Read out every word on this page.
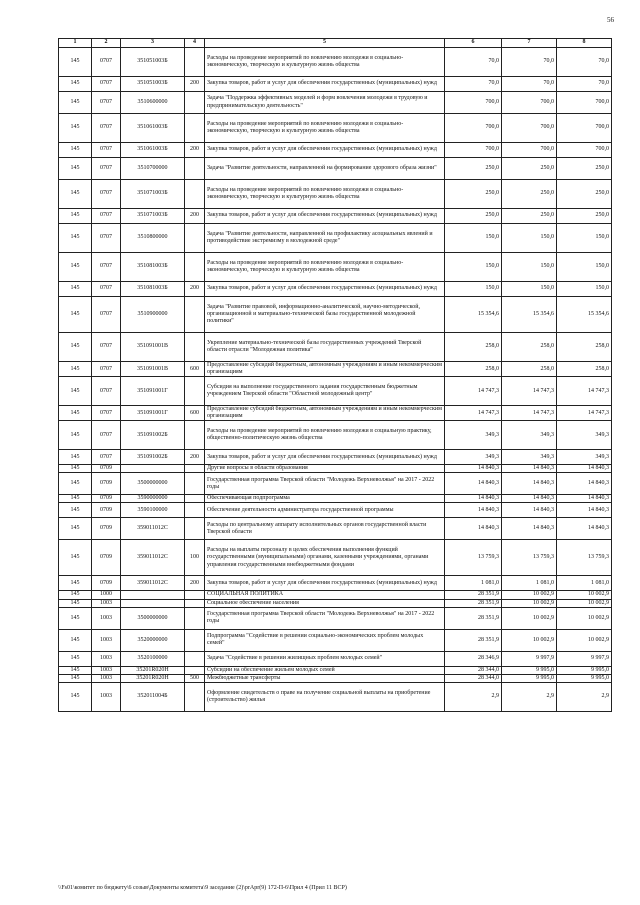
56
1	2	3	4	5	6	7	8
145	0707	351051003Б		Расходы на проведение мероприятий по вовлечению молодежи в социально-экономическую, творческую и культурную жизнь общества	70,0	70,0	70,0
145	0707	351051003Б	200	Закупка товаров, работ и услуг для обеспечения государственных (муниципальных) нужд	70,0	70,0	70,0
145	0707	3510600000		Задача "Поддержка эффективных моделей и форм вовлечения молодежи в трудовую и предпринимательскую деятельность"	700,0	700,0	700,0
145	0707	351061003Б		Расходы на проведение мероприятий по вовлечению молодежи в социально-экономическую, творческую и культурную жизнь общества	700,0	700,0	700,0
145	0707	351061003Б	200	Закупка товаров, работ и услуг для обеспечения государственных (муниципальных) нужд	700,0	700,0	700,0
145	0707	3510700000		Задача "Развитие деятельности, направленной на формирование здорового образа жизни"	250,0	250,0	250,0
145	0707	351071003Б		Расходы на проведение мероприятий по вовлечению молодежи в социально-экономическую, творческую и культурную жизнь общества	250,0	250,0	250,0
145	0707	351071003Б	200	Закупка товаров, работ и услуг для обеспечения государственных (муниципальных) нужд	250,0	250,0	250,0
145	0707	3510800000		Задача "Развитие деятельности, направленной на профилактику асоциальных явлений и противодействие экстремизму в молодежной среде"	150,0	150,0	150,0
145	0707	351081003Б		Расходы на проведение мероприятий по вовлечению молодежи в социально-экономическую, творческую и культурную жизнь общества	150,0	150,0	150,0
145	0707	351081003Б	200	Закупка товаров, работ и услуг для обеспечения государственных (муниципальных) нужд	150,0	150,0	150,0
145	0707	3510900000		Задача "Развитие правовой, информационно-аналитической, научно-методической, организационной и материально-технической базы государственной молодежной политики"	15 354,6	15 354,6	15 354,6
145	0707	351091001В		Укрепление материально-технической базы государственных учреждений Тверской области отрасли "Молодежная политика"	258,0	258,0	258,0
145	0707	351091001В	600	Предоставление субсидий бюджетным, автономным учреждениям и иным некоммерческим организациям	258,0	258,0	258,0
145	0707	351091001Г		Субсидия на выполнение государственного задания государственным бюджетным учреждением Тверской области "Областной молодежный центр"	14 747,3	14 747,3	14 747,3
145	0707	351091001Г	600	Предоставление субсидий бюджетным, автономным учреждениям и иным некоммерческим организациям	14 747,3	14 747,3	14 747,3
145	0707	351091002Б		Расходы на проведение мероприятий по вовлечению молодежи в социальную практику, общественно-политическую жизнь общества	349,3	349,3	349,3
145	0707	351091002Б	200	Закупка товаров, работ и услуг для обеспечения государственных (муниципальных) нужд	349,3	349,3	349,3
145	0709			Другие вопросы в области образования	14 840,3	14 840,3	14 840,3
145	0709	3500000000		Государственная программа Тверской области "Молодежь Верхневолжья" на 2017 - 2022 годы	14 840,3	14 840,3	14 840,3
145	0709	3590000000		Обеспечивающая подпрограмма	14 840,3	14 840,3	14 840,3
145	0709	3590100000		Обеспечение деятельности администратора государственной программы	14 840,3	14 840,3	14 840,3
145	0709	359011012С		Расходы по центральному аппарату исполнительных органов государственной власти Тверской области	14 840,3	14 840,3	14 840,3
145	0709	359011012С	100	Расходы на выплаты персоналу в целях обеспечения выполнения функций государственными (муниципальными) органами, казенными учреждениями, органами управления государственными внебюджетными фондами	13 759,3	13 759,3	13 759,3
145	0709	359011012С	200	Закупка товаров, работ и услуг для обеспечения государственных (муниципальных) нужд	1 081,0	1 081,0	1 081,0
145	1000			СОЦИАЛЬНАЯ ПОЛИТИКА	28 351,9	10 002,9	10 002,9
145	1003			Социальное обеспечение населения	28 351,9	10 002,9	10 002,9
145	1003	3500000000		Государственная программа Тверской области "Молодежь Верхневолжья" на 2017 - 2022 годы	28 351,9	10 002,9	10 002,9
145	1003	3520000000		Подпрограмма "Содействие в решении социально-экономических проблем молодых семей"	28 351,9	10 002,9	10 002,9
145	1003	3520100000		Задача "Содействие в решении жилищных проблем молодых семей"	28 346,9	9 997,9	9 997,9
145	1003	35201R020Н		Субсидии на обеспечение жильем молодых семей	28 344,0	9 995,0	9 995,0
145	1003	35201R020Н	500	Межбюджетные трансферты	28 344,0	9 995,0	9 995,0
145	1003	352011004Б		Оформление свидетельств о праве на получение социальной выплаты на приобретение (строительство) жилья	2,9	2,9	2,9
\\Fs01\комитет по бюджету\6 созыв\Документы комитета\9 заседание (2)\prApr(9) 172-П-6\Прил 4 (Прил 11 ВСР)
